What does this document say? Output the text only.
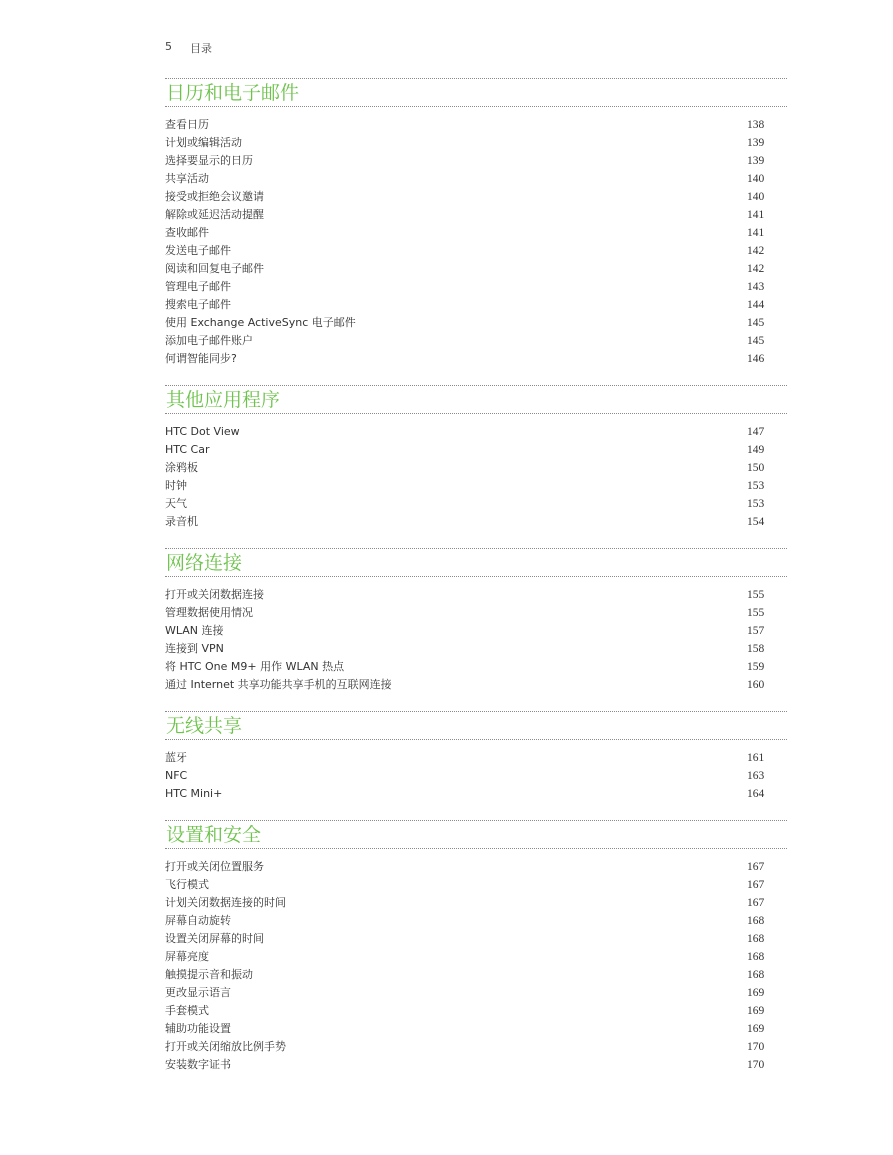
5 目录
日历和电子邮件
查看日历	138
计划或编辑活动	139
选择要显示的日历	139
共享活动	140
接受或拒绝会议邀请	140
解除或延迟活动提醒	141
查收邮件	141
发送电子邮件	142
阅读和回复电子邮件	142
管理电子邮件	143
搜索电子邮件	144
使用 Exchange ActiveSync 电子邮件	145
添加电子邮件账户	145
何谓智能同步?	146
其他应用程序
HTC Dot View	147
HTC Car	149
涂鸦板	150
时钟	153
天气	153
录音机	154
网络连接
打开或关闭数据连接	155
管理数据使用情况	155
WLAN 连接	157
连接到 VPN	158
将 HTC One M9+ 用作 WLAN 热点	159
通过 Internet 共享功能共享手机的互联网连接	160
无线共享
蓝牙	161
NFC	163
HTC Mini+	164
设置和安全
打开或关闭位置服务	167
飞行模式	167
计划关闭数据连接的时间	167
屏幕自动旋转	168
设置关闭屏幕的时间	168
屏幕亮度	168
触摸提示音和振动	168
更改显示语言	169
手套模式	169
辅助功能设置	169
打开或关闭缩放比例手势	170
安装数字证书	170
